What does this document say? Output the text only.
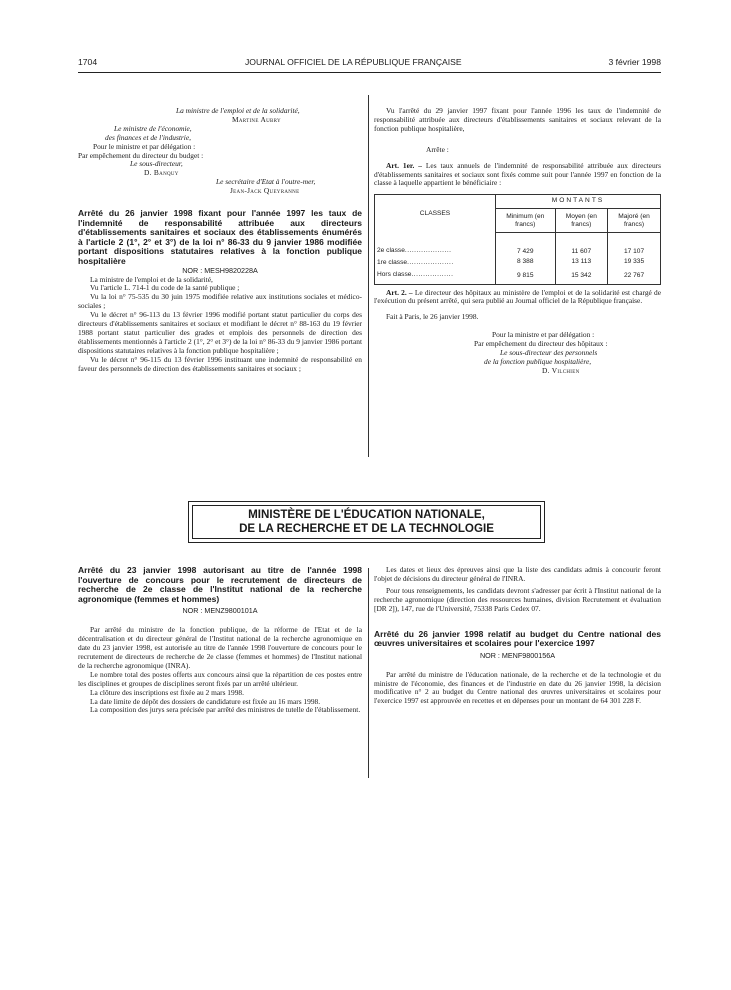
1704	JOURNAL OFFICIEL DE LA RÉPUBLIQUE FRANÇAISE	3 février 1998

La ministre de l'emploi et de la solidarité,

Martine Aubry

Le ministre de l'économie,

des finances et de l'industrie,

Pour le ministre et par délégation :

Par empêchement du directeur du budget :

Le sous-directeur,

D. Banquy

Le secrétaire d'Etat à l'outre-mer,

Jean-Jack Queyranne

Arrêté du 26 janvier 1998 fixant pour l'année 1997 les taux de l'indemnité de responsabilité attribuée aux directeurs d'établissements sanitaires et sociaux des établissements énumérés à l'article 2 (1°, 2° et 3°) de la loi n° 86-33 du 9 janvier 1986 modifiée portant dispositions statutaires relatives à la fonction publique hospitalière

NOR : MESH9820228A

La ministre de l'emploi et de la solidarité,

Vu l'article L. 714-1 du code de la santé publique ;

Vu la loi n° 75-535 du 30 juin 1975 modifiée relative aux institutions sociales et médico-sociales ;

Vu le décret n° 96-113 du 13 février 1996 modifié portant statut particulier du corps des directeurs d'établissements sanitaires et sociaux et modifiant le décret n° 88-163 du 19 février 1988 portant statut particulier des grades et emplois des personnels de direction des établissements mentionnés à l'article 2 (1°, 2° et 3°) de la loi n° 86-33 du 9 janvier 1986 portant dispositions statutaires relatives à la fonction publique hospitalière ;

Vu le décret n° 96-115 du 13 février 1996 instituant une indemnité de responsabilité en faveur des personnels de direction des établissements sanitaires et sociaux ;

Vu l'arrêté du 29 janvier 1997 fixant pour l'année 1996 les taux de l'indemnité de responsabilité attribuée aux directeurs d'établissements sanitaires et sociaux relevant de la fonction publique hospitalière,

Arrête :

Art. 1er. – Les taux annuels de l'indemnité de responsabilité attribuée aux directeurs d'établissements sanitaires et sociaux sont fixés comme suit pour l'année 1997 en fonction de la classe à laquelle appartient le bénéficiaire :

CLASSES	MONTANTS		
	Minimum (en francs)	Moyen (en francs)	Majoré (en francs)
2e classe....................	7 429	11 607	17 107
1re classe....................	8 388	13 113	19 335
Hors classe..................	9 815	15 342	22 767

Art. 2. – Le directeur des hôpitaux au ministère de l'emploi et de la solidarité est chargé de l'exécution du présent arrêté, qui sera publié au Journal officiel de la République française.

Fait à Paris, le 26 janvier 1998.

Pour la ministre et par délégation :

Par empêchement du directeur des hôpitaux :

Le sous-directeur des personnels

de la fonction publique hospitalière,

D. Vilchien

MINISTÈRE DE L'ÉDUCATION NATIONALE,
DE LA RECHERCHE ET DE LA TECHNOLOGIE

Arrêté du 23 janvier 1998 autorisant au titre de l'année 1998 l'ouverture de concours pour le recrutement de directeurs de recherche de 2e classe de l'Institut national de la recherche agronomique (femmes et hommes)

NOR : MENZ9800101A

Par arrêté du ministre de la fonction publique, de la réforme de l'Etat et de la décentralisation et du directeur général de l'Institut national de la recherche agronomique en date du 23 janvier 1998, est autorisée au titre de l'année 1998 l'ouverture de concours pour le recrutement de directeurs de recherche de 2e classe (femmes et hommes) de l'Institut national de la recherche agronomique (INRA).

Le nombre total des postes offerts aux concours ainsi que la répartition de ces postes entre les disciplines et groupes de disciplines seront fixés par un arrêté ultérieur.

La clôture des inscriptions est fixée au 2 mars 1998.

La date limite de dépôt des dossiers de candidature est fixée au 16 mars 1998.

La composition des jurys sera précisée par arrêté des ministres de tutelle de l'établissement.

Les dates et lieux des épreuves ainsi que la liste des candidats admis à concourir feront l'objet de décisions du directeur général de l'INRA.

Pour tous renseignements, les candidats devront s'adresser par écrit à l'Institut national de la recherche agronomique (direction des ressources humaines, division Recrutement et évaluation [DR 2]), 147, rue de l'Université, 75338 Paris Cedex 07.

Arrêté du 26 janvier 1998 relatif au budget du Centre national des œuvres universitaires et scolaires pour l'exercice 1997

NOR : MENF9800156A

Par arrêté du ministre de l'éducation nationale, de la recherche et de la technologie et du ministre de l'économie, des finances et de l'industrie en date du 26 janvier 1998, la décision modificative n° 2 au budget du Centre national des œuvres universitaires et scolaires pour l'exercice 1997 est approuvée en recettes et en dépenses pour un montant de 64 301 228 F.
